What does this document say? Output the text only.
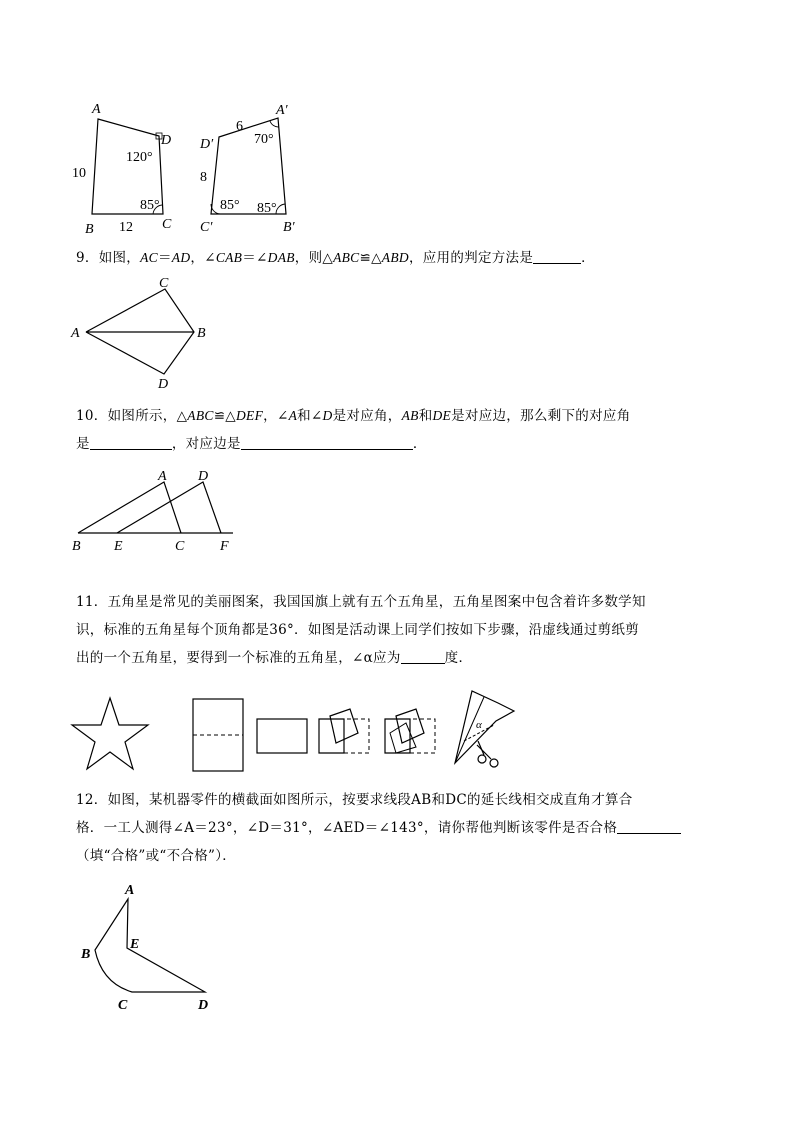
A
B	C
D
10
12
120°
85°
A′
B′
C′
D′
6
8
70°
85° 85°

9．如图，AC＝AD，∠CAB＝∠DAB，则△ABC≌△ABD，应用的判定方法是	．

A	B
C
D

10．如图所示，△ABC≌△DEF，∠A和∠D是对应角，AB和DE是对应边，那么剩下的对应角
是	，对应边是	．

A D
B E	C	F

11．五角星是常见的美丽图案，我国国旗上就有五个五角星，五角星图案中包含着许多数学知
识，标准的五角星每个顶角都是36°．如图是活动课上同学们按如下步骤，沿虚线通过剪纸剪
出的一个五角星，要得到一个标准的五角星，∠α应为	度．

α

12．如图，某机器零件的横截面如图所示，按要求线段AB和DC的延长线相交成直角才算合
格．一工人测得∠A＝23°，∠D＝31°，∠AED＝∠143°，请你帮他判断该零件是否合格
（填“合格”或“不合格”）．

A
B
C	D
E
